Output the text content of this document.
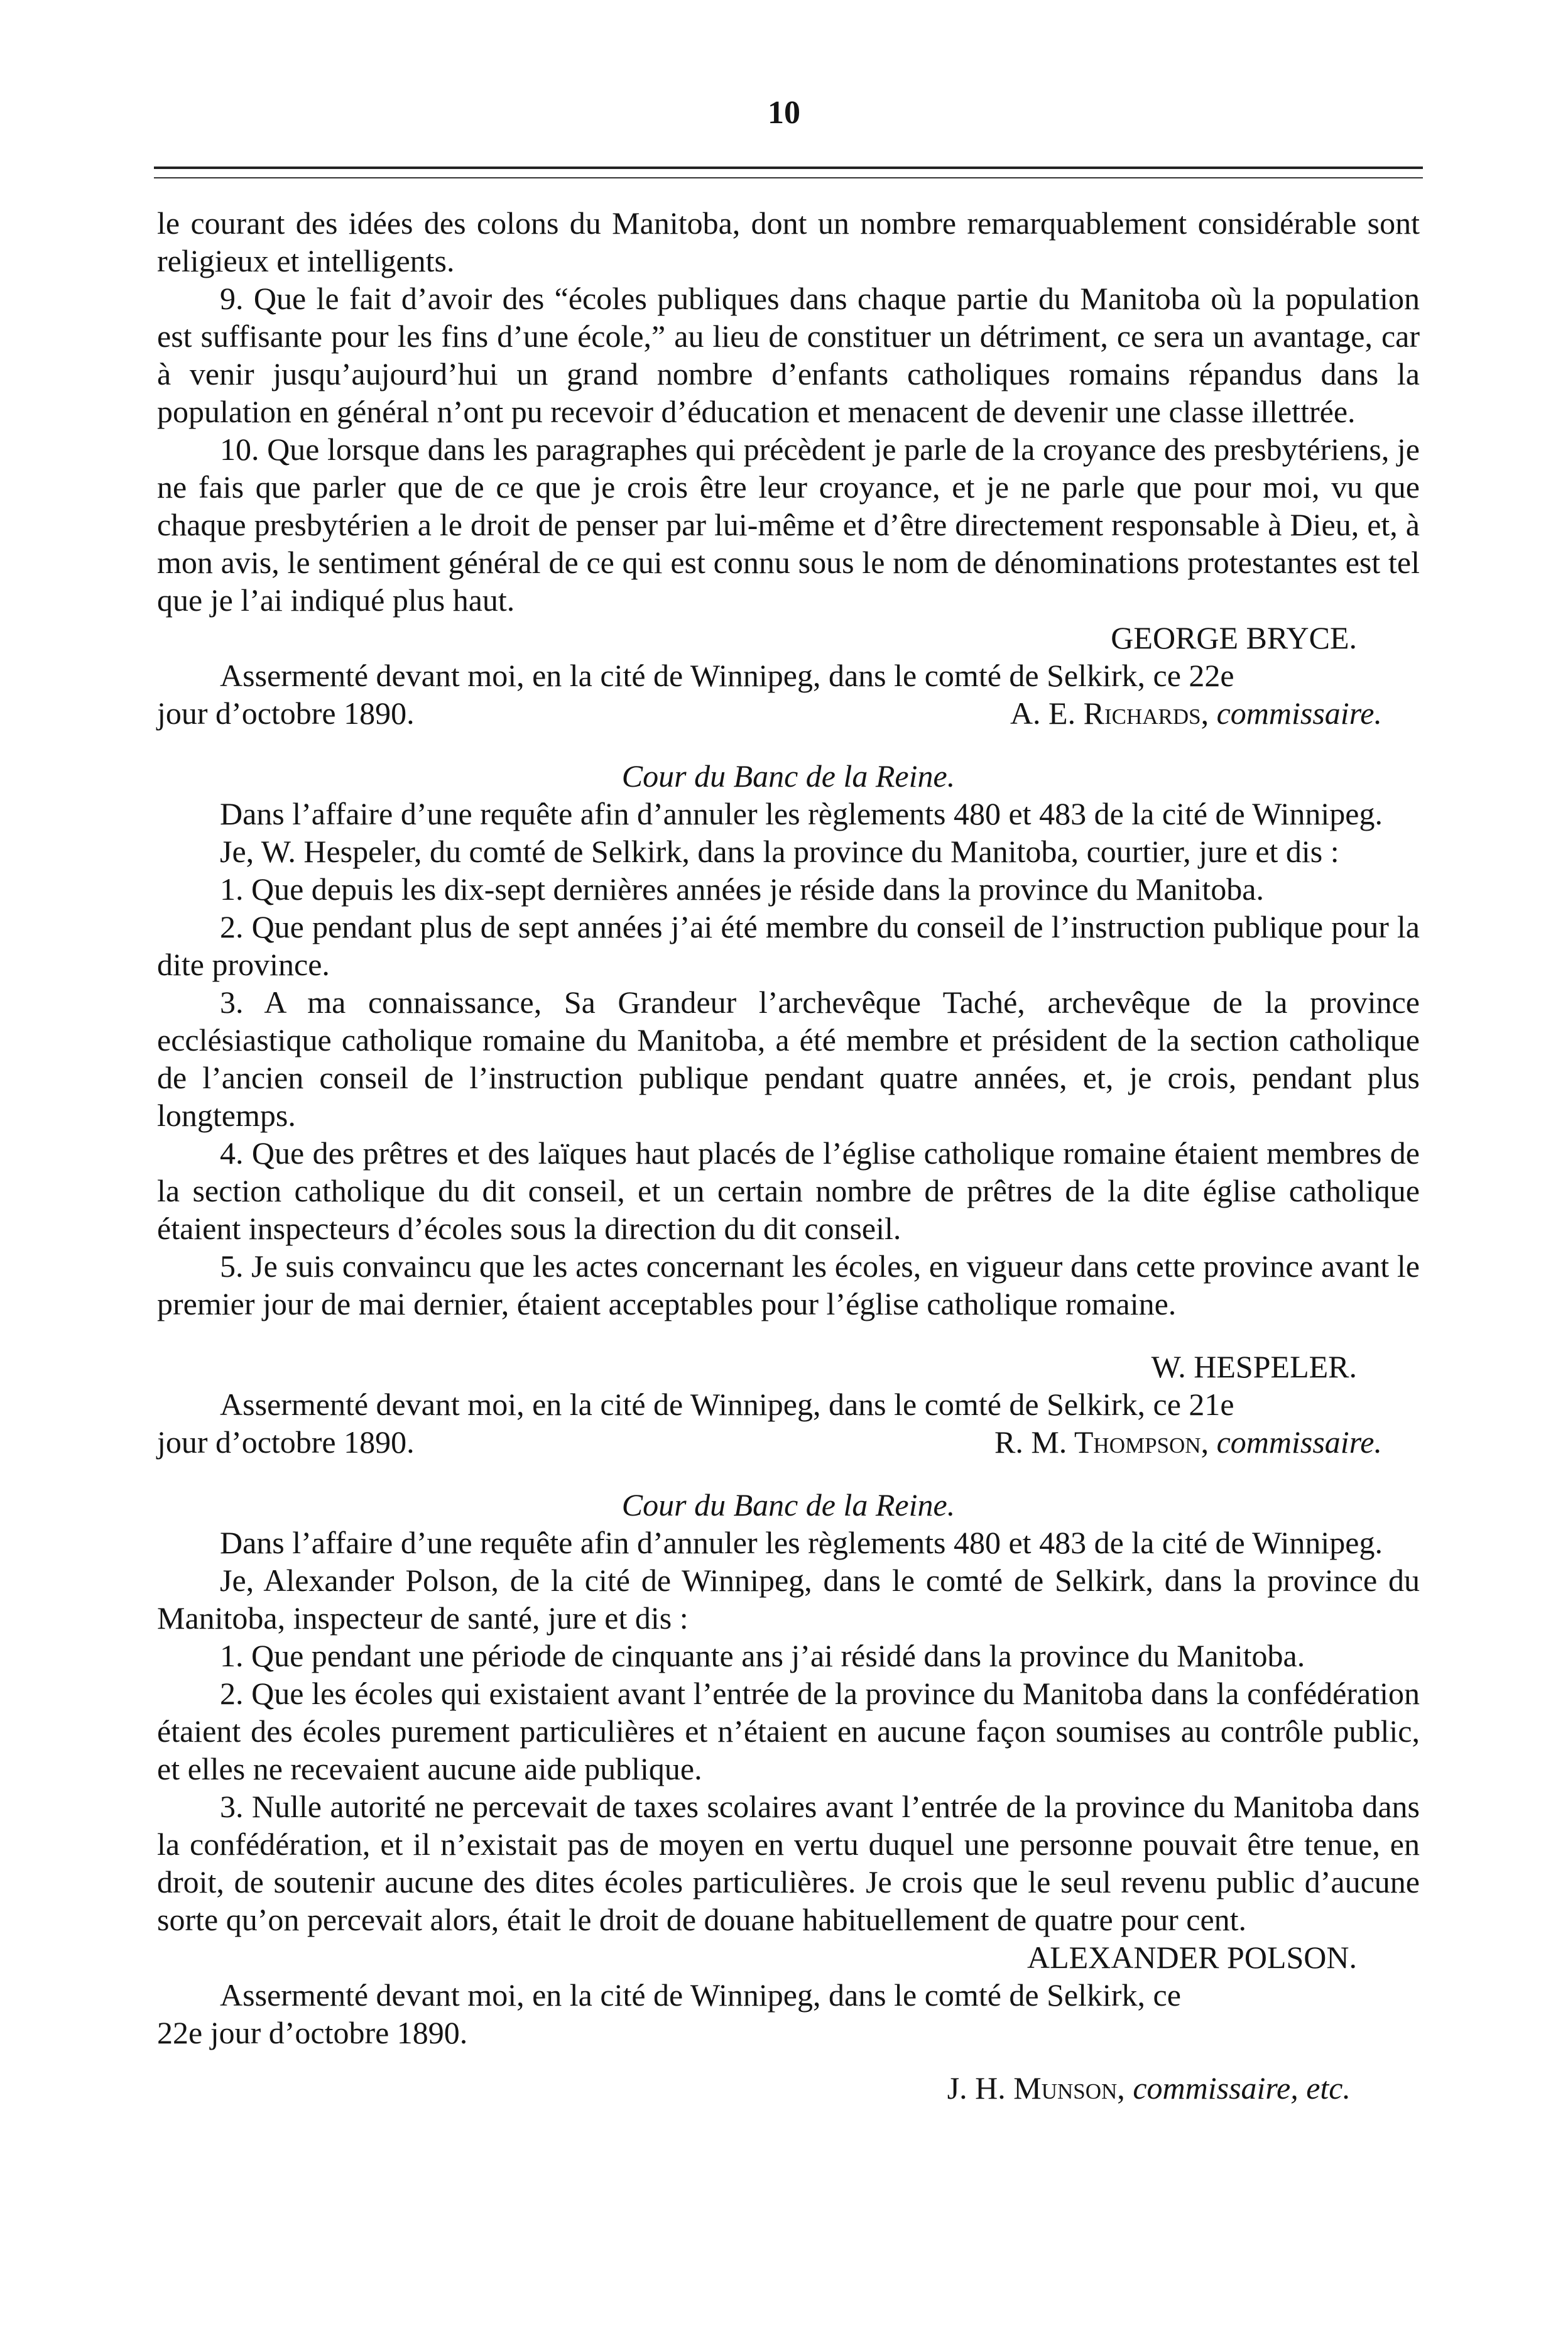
10

le courant des idées des colons du Manitoba, dont un nombre remarquablement considérable sont religieux et intelligents.

9. Que le fait d’avoir des “écoles publiques dans chaque partie du Manitoba où la population est suffisante pour les fins d’une école,” au lieu de constituer un détriment, ce sera un avantage, car à venir jusqu’aujourd’hui un grand nombre d’enfants catholiques romains répandus dans la population en général n’ont pu recevoir d’éducation et menacent de devenir une classe illettrée.

10. Que lorsque dans les paragraphes qui précèdent je parle de la croyance des presbytériens, je ne fais que parler que de ce que je crois être leur croyance, et je ne parle que pour moi, vu que chaque presbytérien a le droit de penser par lui-même et d’être directement responsable à Dieu, et, à mon avis, le sentiment général de ce qui est connu sous le nom de dénominations protestantes est tel que je l’ai indiqué plus haut.

GEORGE BRYCE.

Assermenté devant moi, en la cité de Winnipeg, dans le comté de Selkirk, ce 22e

jour d’octobre 1890.	A. E. Richards, commissaire.

Cour du Banc de la Reine.

Dans l’affaire d’une requête afin d’annuler les règlements 480 et 483 de la cité de Winnipeg.

Je, W. Hespeler, du comté de Selkirk, dans la province du Manitoba, courtier, jure et dis :

1. Que depuis les dix-sept dernières années je réside dans la province du Manitoba.

2. Que pendant plus de sept années j’ai été membre du conseil de l’instruction publique pour la dite province.

3. A ma connaissance, Sa Grandeur l’archevêque Taché, archevêque de la province ecclésiastique catholique romaine du Manitoba, a été membre et président de la section catholique de l’ancien conseil de l’instruction publique pendant quatre années, et, je crois, pendant plus longtemps.

4. Que des prêtres et des laïques haut placés de l’église catholique romaine étaient membres de la section catholique du dit conseil, et un certain nombre de prêtres de la dite église catholique étaient inspecteurs d’écoles sous la direction du dit conseil.

5. Je suis convaincu que les actes concernant les écoles, en vigueur dans cette province avant le premier jour de mai dernier, étaient acceptables pour l’église catholique romaine.

W. HESPELER.

Assermenté devant moi, en la cité de Winnipeg, dans le comté de Selkirk, ce 21e

jour d’octobre 1890.	R. M. Thompson, commissaire.

Cour du Banc de la Reine.

Dans l’affaire d’une requête afin d’annuler les règlements 480 et 483 de la cité de Winnipeg.

Je, Alexander Polson, de la cité de Winnipeg, dans le comté de Selkirk, dans la province du Manitoba, inspecteur de santé, jure et dis :

1. Que pendant une période de cinquante ans j’ai résidé dans la province du Manitoba.

2. Que les écoles qui existaient avant l’entrée de la province du Manitoba dans la confédération étaient des écoles purement particulières et n’étaient en aucune façon soumises au contrôle public, et elles ne recevaient aucune aide publique.

3. Nulle autorité ne percevait de taxes scolaires avant l’entrée de la province du Manitoba dans la confédération, et il n’existait pas de moyen en vertu duquel une personne pouvait être tenue, en droit, de soutenir aucune des dites écoles particulières. Je crois que le seul revenu public d’aucune sorte qu’on percevait alors, était le droit de douane habituellement de quatre pour cent.

ALEXANDER POLSON.

Assermenté devant moi, en la cité de Winnipeg, dans le comté de Selkirk, ce

22e jour d’octobre 1890.

J. H. Munson, commissaire, etc.
